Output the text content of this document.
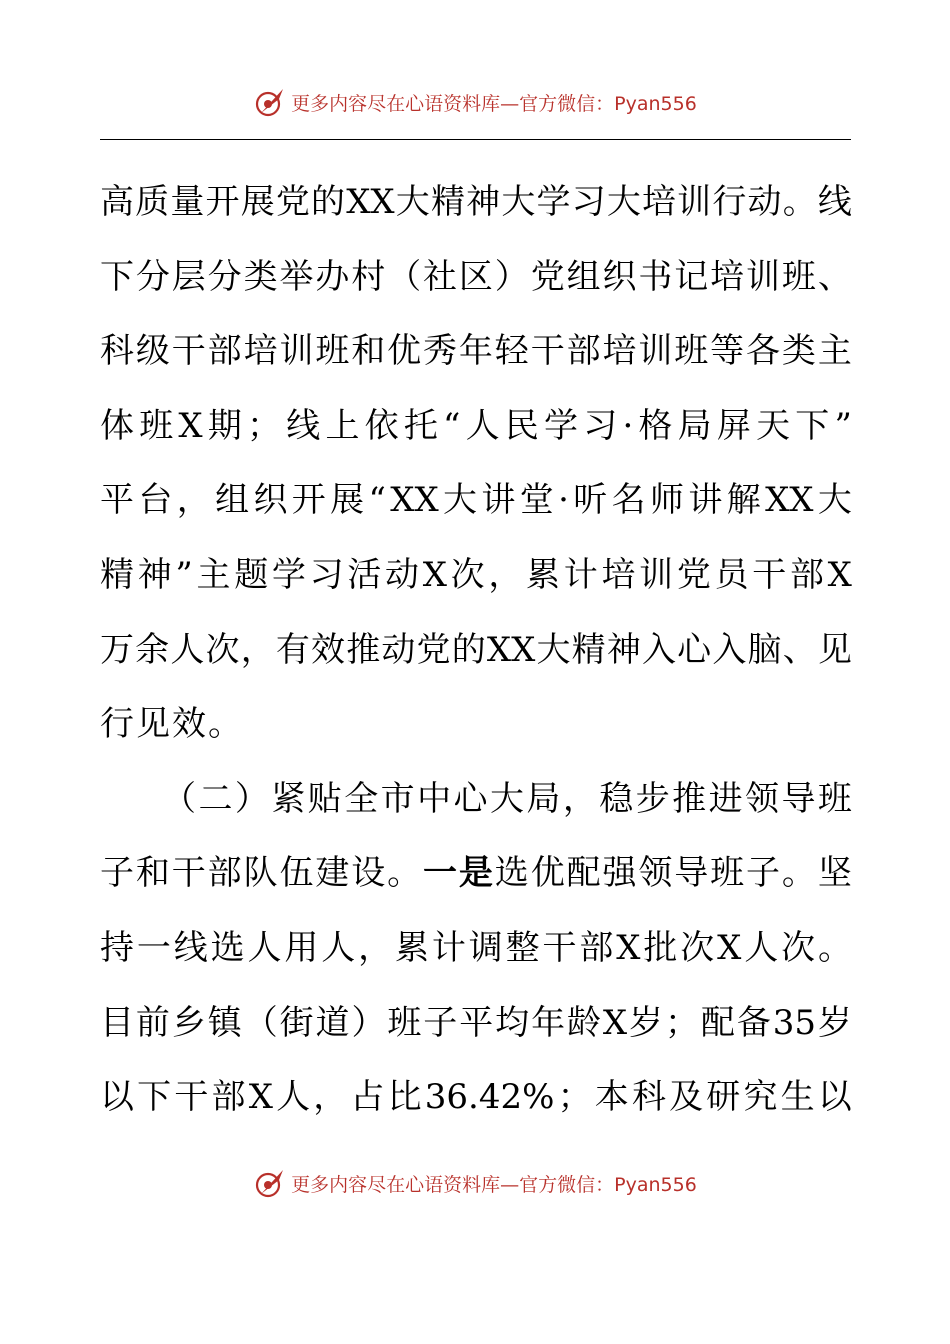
更多内容尽在心语资料库—官方微信：Pyan556
高 质 量 开 展 党 的 XX 大 精 神 大 学 习 大 培 训 行 动 。 线
下 分 层 分 类 举 办 村 （ 社 区 ） 党 组 织 书 记 培 训 班 、
科 级 干 部 培 训 班 和 优 秀 年 轻 干 部 培 训 班 等 各 类 主
体 班 X 期 ； 线 上 依 托 “ 人 民 学 习 · 格 局 屏 天 下 ”
平 台 ， 组 织 开 展 “ XX 大 讲 堂 · 听 名 师 讲 解 XX 大
精 神 ” 主 题 学 习 活 动 X 次 ， 累 计 培 训 党 员 干 部 X
万 余 人 次 ， 有 效 推 动 党 的 XX 大 精 神 入 心 入 脑 、 见
行 见 效 。
（ 二 ） 紧 贴 全 市 中 心 大 局 ， 稳 步 推 进 领 导 班
子 和 干 部 队 伍 建 设 。 一 是 选 优 配 强 领 导 班 子 。 坚
持 一 线 选 人 用 人 ， 累 计 调 整 干 部 X 批 次 X 人 次 。
目 前 乡 镇 （ 街 道 ） 班 子 平 均 年 龄 X 岁 ； 配 备 35 岁
以 下 干 部 X 人 ， 占 比 36.42% ； 本 科 及 研 究 生 以
更多内容尽在心语资料库—官方微信：Pyan556
